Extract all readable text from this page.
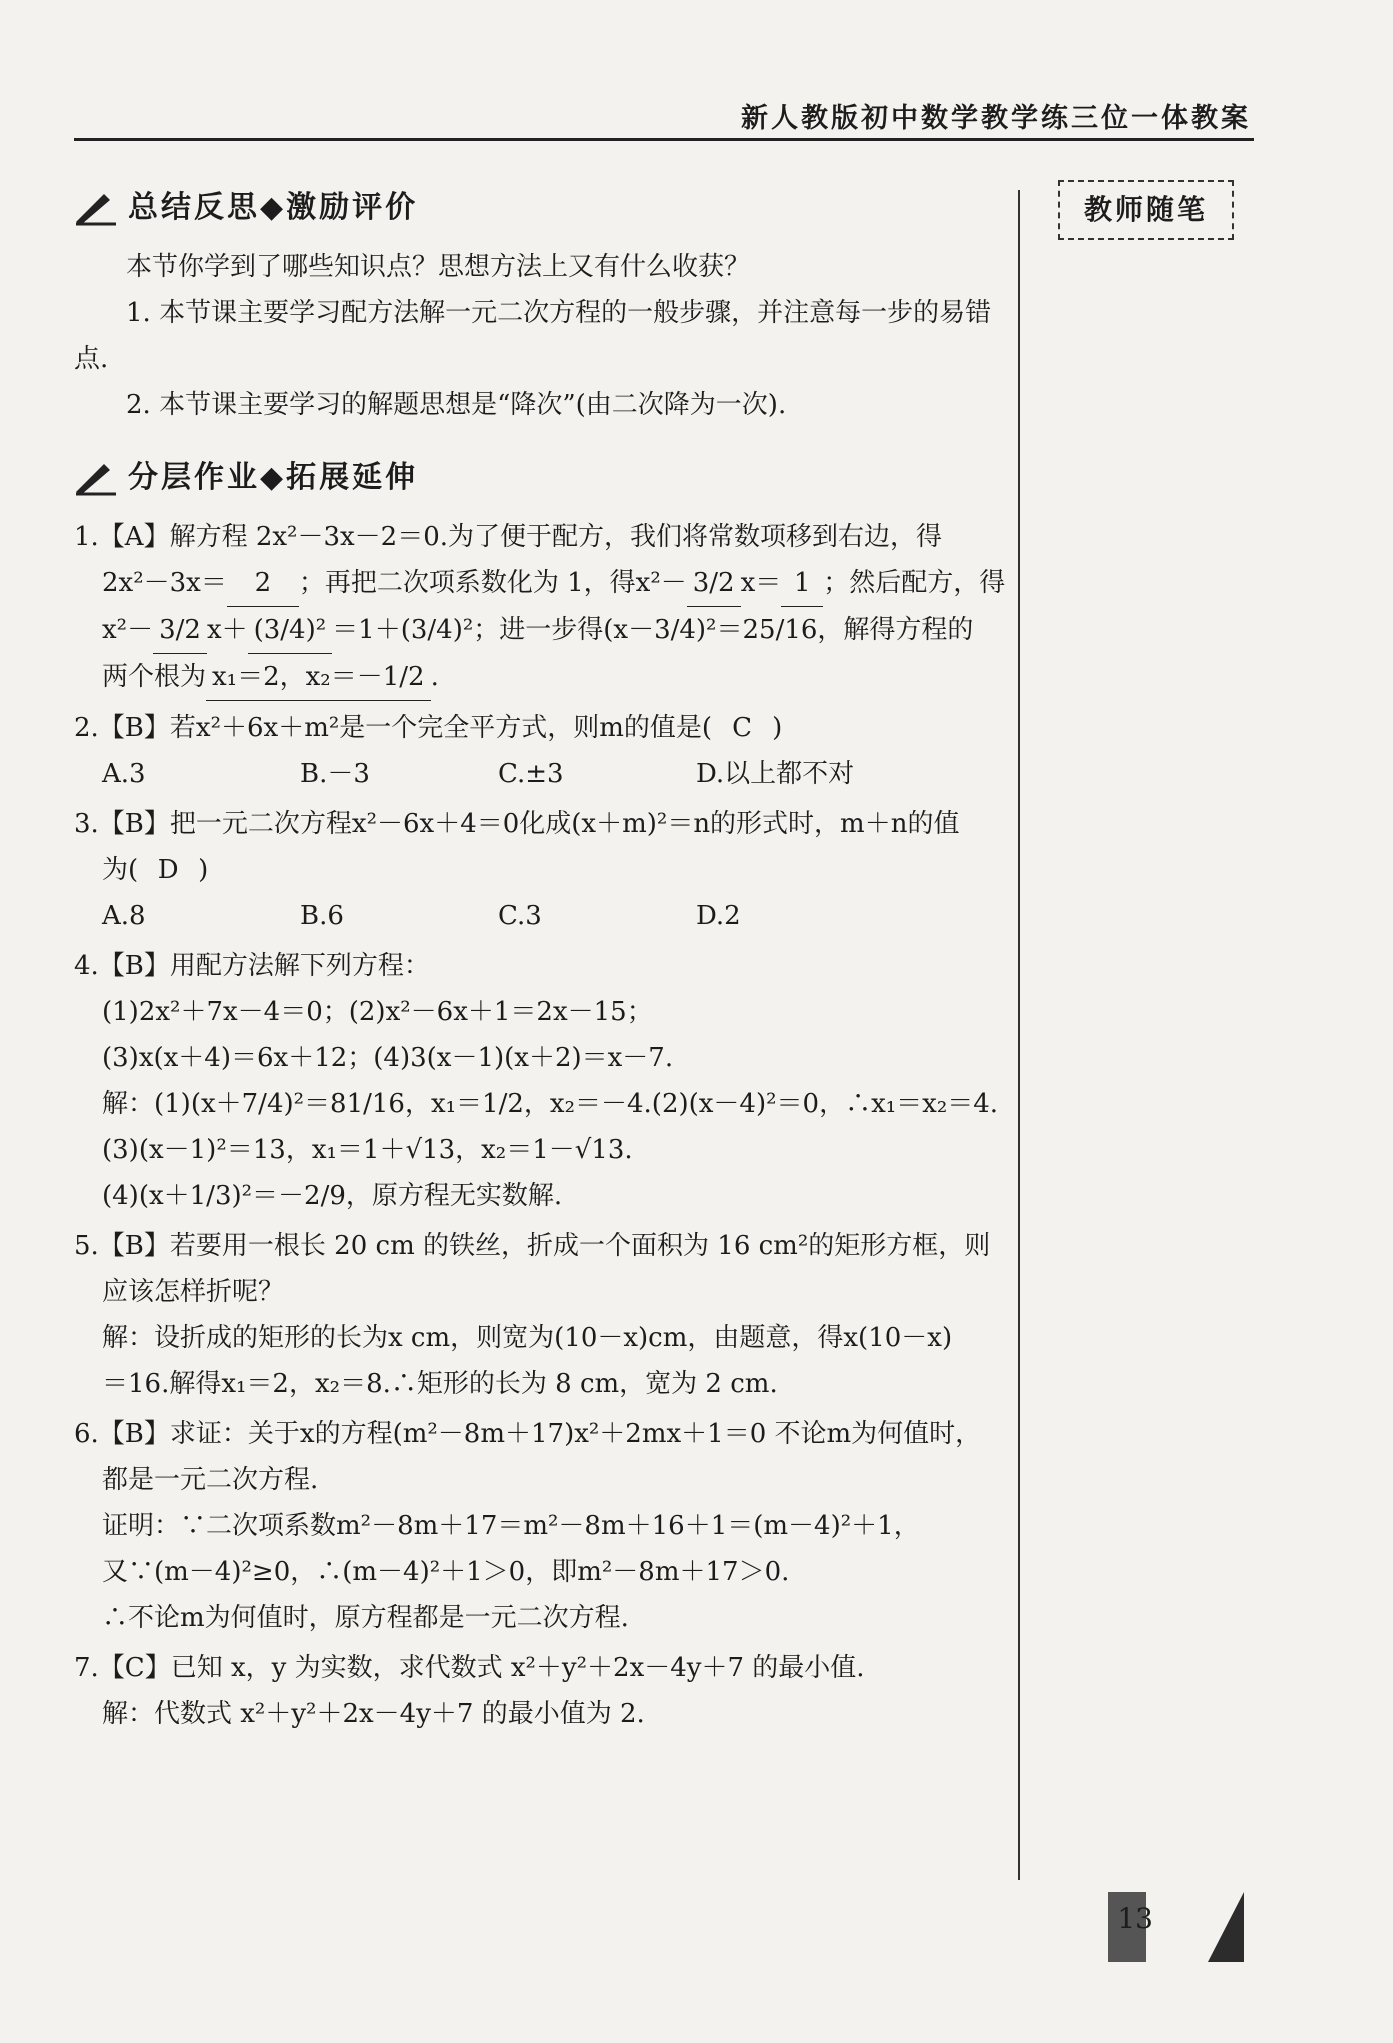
新人教版初中数学教学练三位一体教案
教师随笔
总结反思◆激励评价

本节你学到了哪些知识点？思想方法上又有什么收获？

1. 本节课主要学习配方法解一元二次方程的一般步骤，并注意每一步的易错点.

2. 本节课主要学习的解题思想是“降次”(由二次降为一次).

分层作业◆拓展延伸

1.【A】解方程 2x²－3x－2＝0.为了便于配方，我们将常数项移到右边，得

2x²－3x＝ 2 ；再把二次项系数化为 1，得x²－ 3/2 x＝ 1 ；然后配方，得

x²－ 3/2 x＋ (3/4)² ＝1＋(3/4)²；进一步得(x－3/4)²＝25/16，解得方程的

两个根为 x₁＝2，x₂＝－1/2 .

2.【B】若x²＋6x＋m²是一个完全平方式，则m的值是( C )

A.3	B.－3	C.±3	D.以上都不对

3.【B】把一元二次方程x²－6x＋4＝0化成(x＋m)²＝n的形式时，m＋n的值

为( D )

A.8	B.6	C.3	D.2

4.【B】用配方法解下列方程：

(1)2x²＋7x－4＝0；(2)x²－6x＋1＝2x－15；

(3)x(x＋4)＝6x＋12；(4)3(x－1)(x＋2)＝x－7.

解：(1)(x＋7/4)²＝81/16，x₁＝1/2，x₂＝－4.(2)(x－4)²＝0，∴x₁＝x₂＝4.

(3)(x－1)²＝13，x₁＝1＋√13，x₂＝1－√13.

(4)(x＋1/3)²＝－2/9，原方程无实数解.

5.【B】若要用一根长 20 cm 的铁丝，折成一个面积为 16 cm²的矩形方框，则

应该怎样折呢？

解：设折成的矩形的长为x cm，则宽为(10－x)cm，由题意，得x(10－x)

＝16.解得x₁＝2，x₂＝8.∴矩形的长为 8 cm，宽为 2 cm.

6.【B】求证：关于x的方程(m²－8m＋17)x²＋2mx＋1＝0 不论m为何值时，

都是一元二次方程.

证明：∵二次项系数m²－8m＋17＝m²－8m＋16＋1＝(m－4)²＋1，

又∵(m－4)²≥0，∴(m－4)²＋1＞0，即m²－8m＋17＞0.

∴不论m为何值时，原方程都是一元二次方程.

7.【C】已知 x，y 为实数，求代数式 x²＋y²＋2x－4y＋7 的最小值.

解：代数式 x²＋y²＋2x－4y＋7 的最小值为 2.

13
